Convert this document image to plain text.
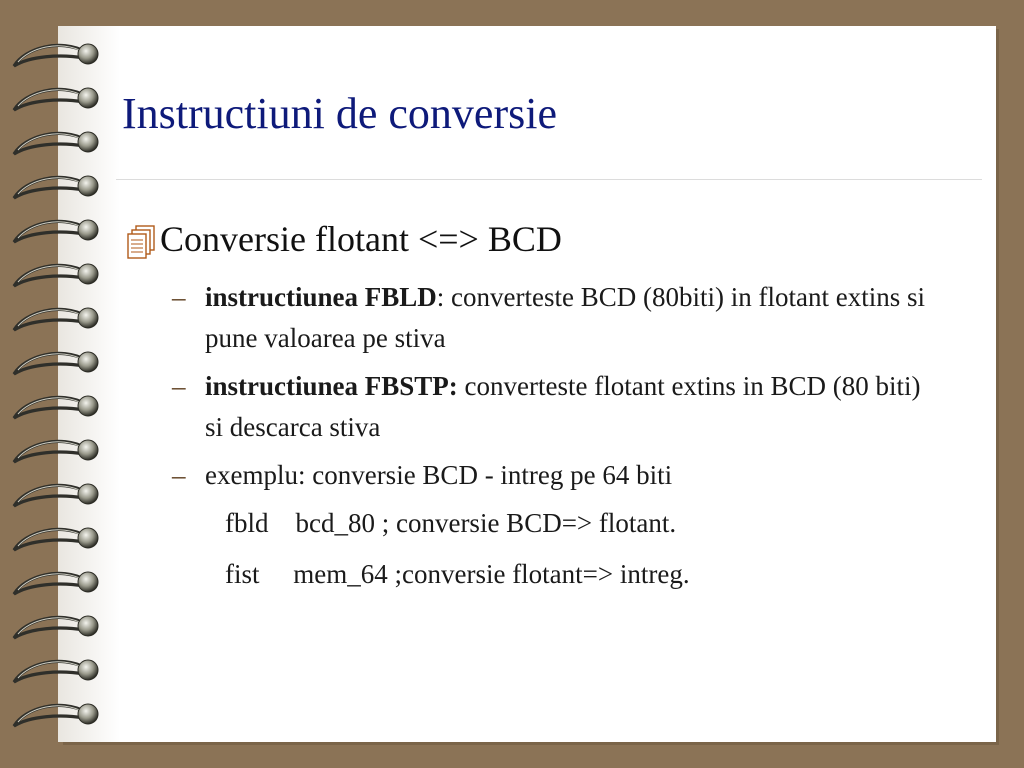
Instructiuni de conversie
Conversie flotant <=> BCD
– instructiunea FBLD: converteste BCD (80biti) in flotant extins si pune valoarea pe stiva
– instructiunea FBSTP: converteste flotant extins in BCD (80 biti) si descarca stiva
– exemplu: conversie BCD - intreg pe 64 biti
fbld    bcd_80 ; conversie BCD=> flotant.
fist     mem_64 ;conversie flotant=> intreg.
